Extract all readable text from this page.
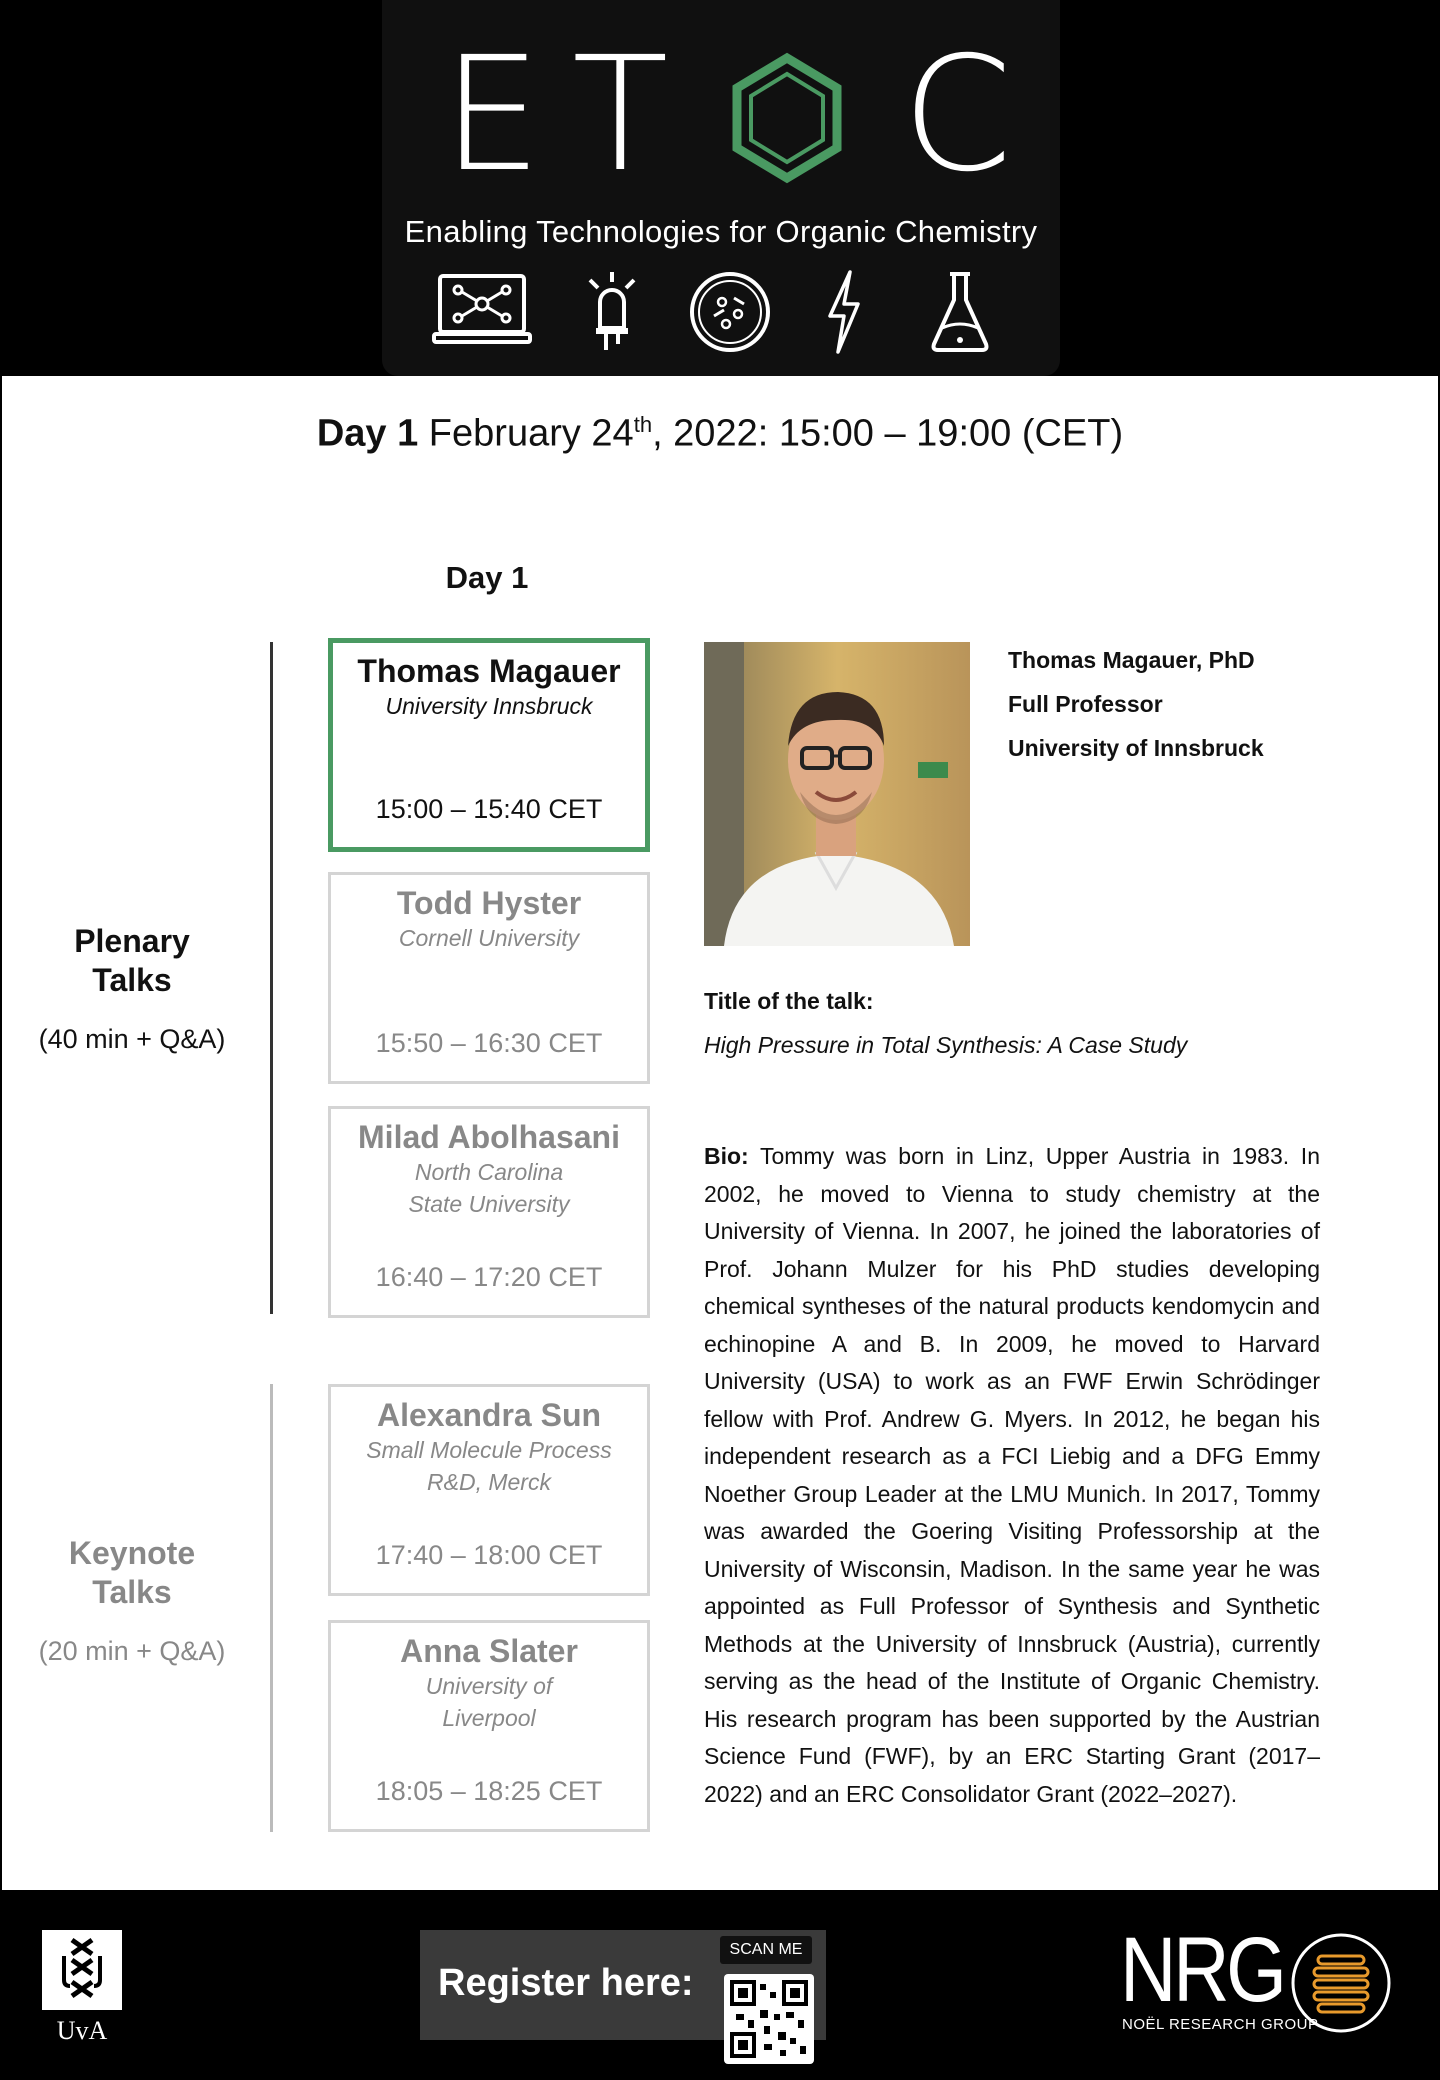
E T C
Enabling Technologies for Organic Chemistry
Day 1 February 24th, 2022: 15:00 – 19:00 (CET)
Day 1
Plenary
Talks
(40 min + Q&A)
Keynote
Talks
(20 min + Q&A)
Thomas Magauer
University Innsbruck
15:00 – 15:40 CET
Todd Hyster
Cornell University
15:50 – 16:30 CET
Milad Abolhasani
North Carolina
State University
16:40 – 17:20 CET
Alexandra Sun
Small Molecule Process
R&D, Merck
17:40 – 18:00 CET
Anna Slater
University of
Liverpool
18:05 – 18:25 CET
Thomas Magauer, PhD
Full Professor
University of Innsbruck
Title of the talk:
High Pressure in Total Synthesis: A Case Study
Bio: Tommy was born in Linz, Upper Austria in 1983. In 2002, he moved to Vienna to study chemistry at the University of Vienna. In 2007, he joined the laboratories of Prof. Johann Mulzer for his PhD studies developing chemical syntheses of the natural products kendomycin and echinopine A and B. In 2009, he moved to Harvard University (USA) to work as an FWF Erwin Schrödinger fellow with Prof. Andrew G. Myers. In 2012, he began his independent research as a FCI Liebig and a DFG Emmy Noether Group Leader at the LMU Munich. In 2017, Tommy was awarded the Goering Visiting Professorship at the University of Wisconsin, Madison. In the same year he was appointed as Full Professor of Synthesis and Synthetic Methods at the University of Innsbruck (Austria), currently serving as the head of the Institute of Organic Chemistry. His research program has been supported by the Austrian Science Fund (FWF), by an ERC Starting Grant (2017–2022) and an ERC Consolidator Grant (2022–2027).
UvA
Register here:
SCAN ME	NRG
NOËL RESEARCH GROUP
